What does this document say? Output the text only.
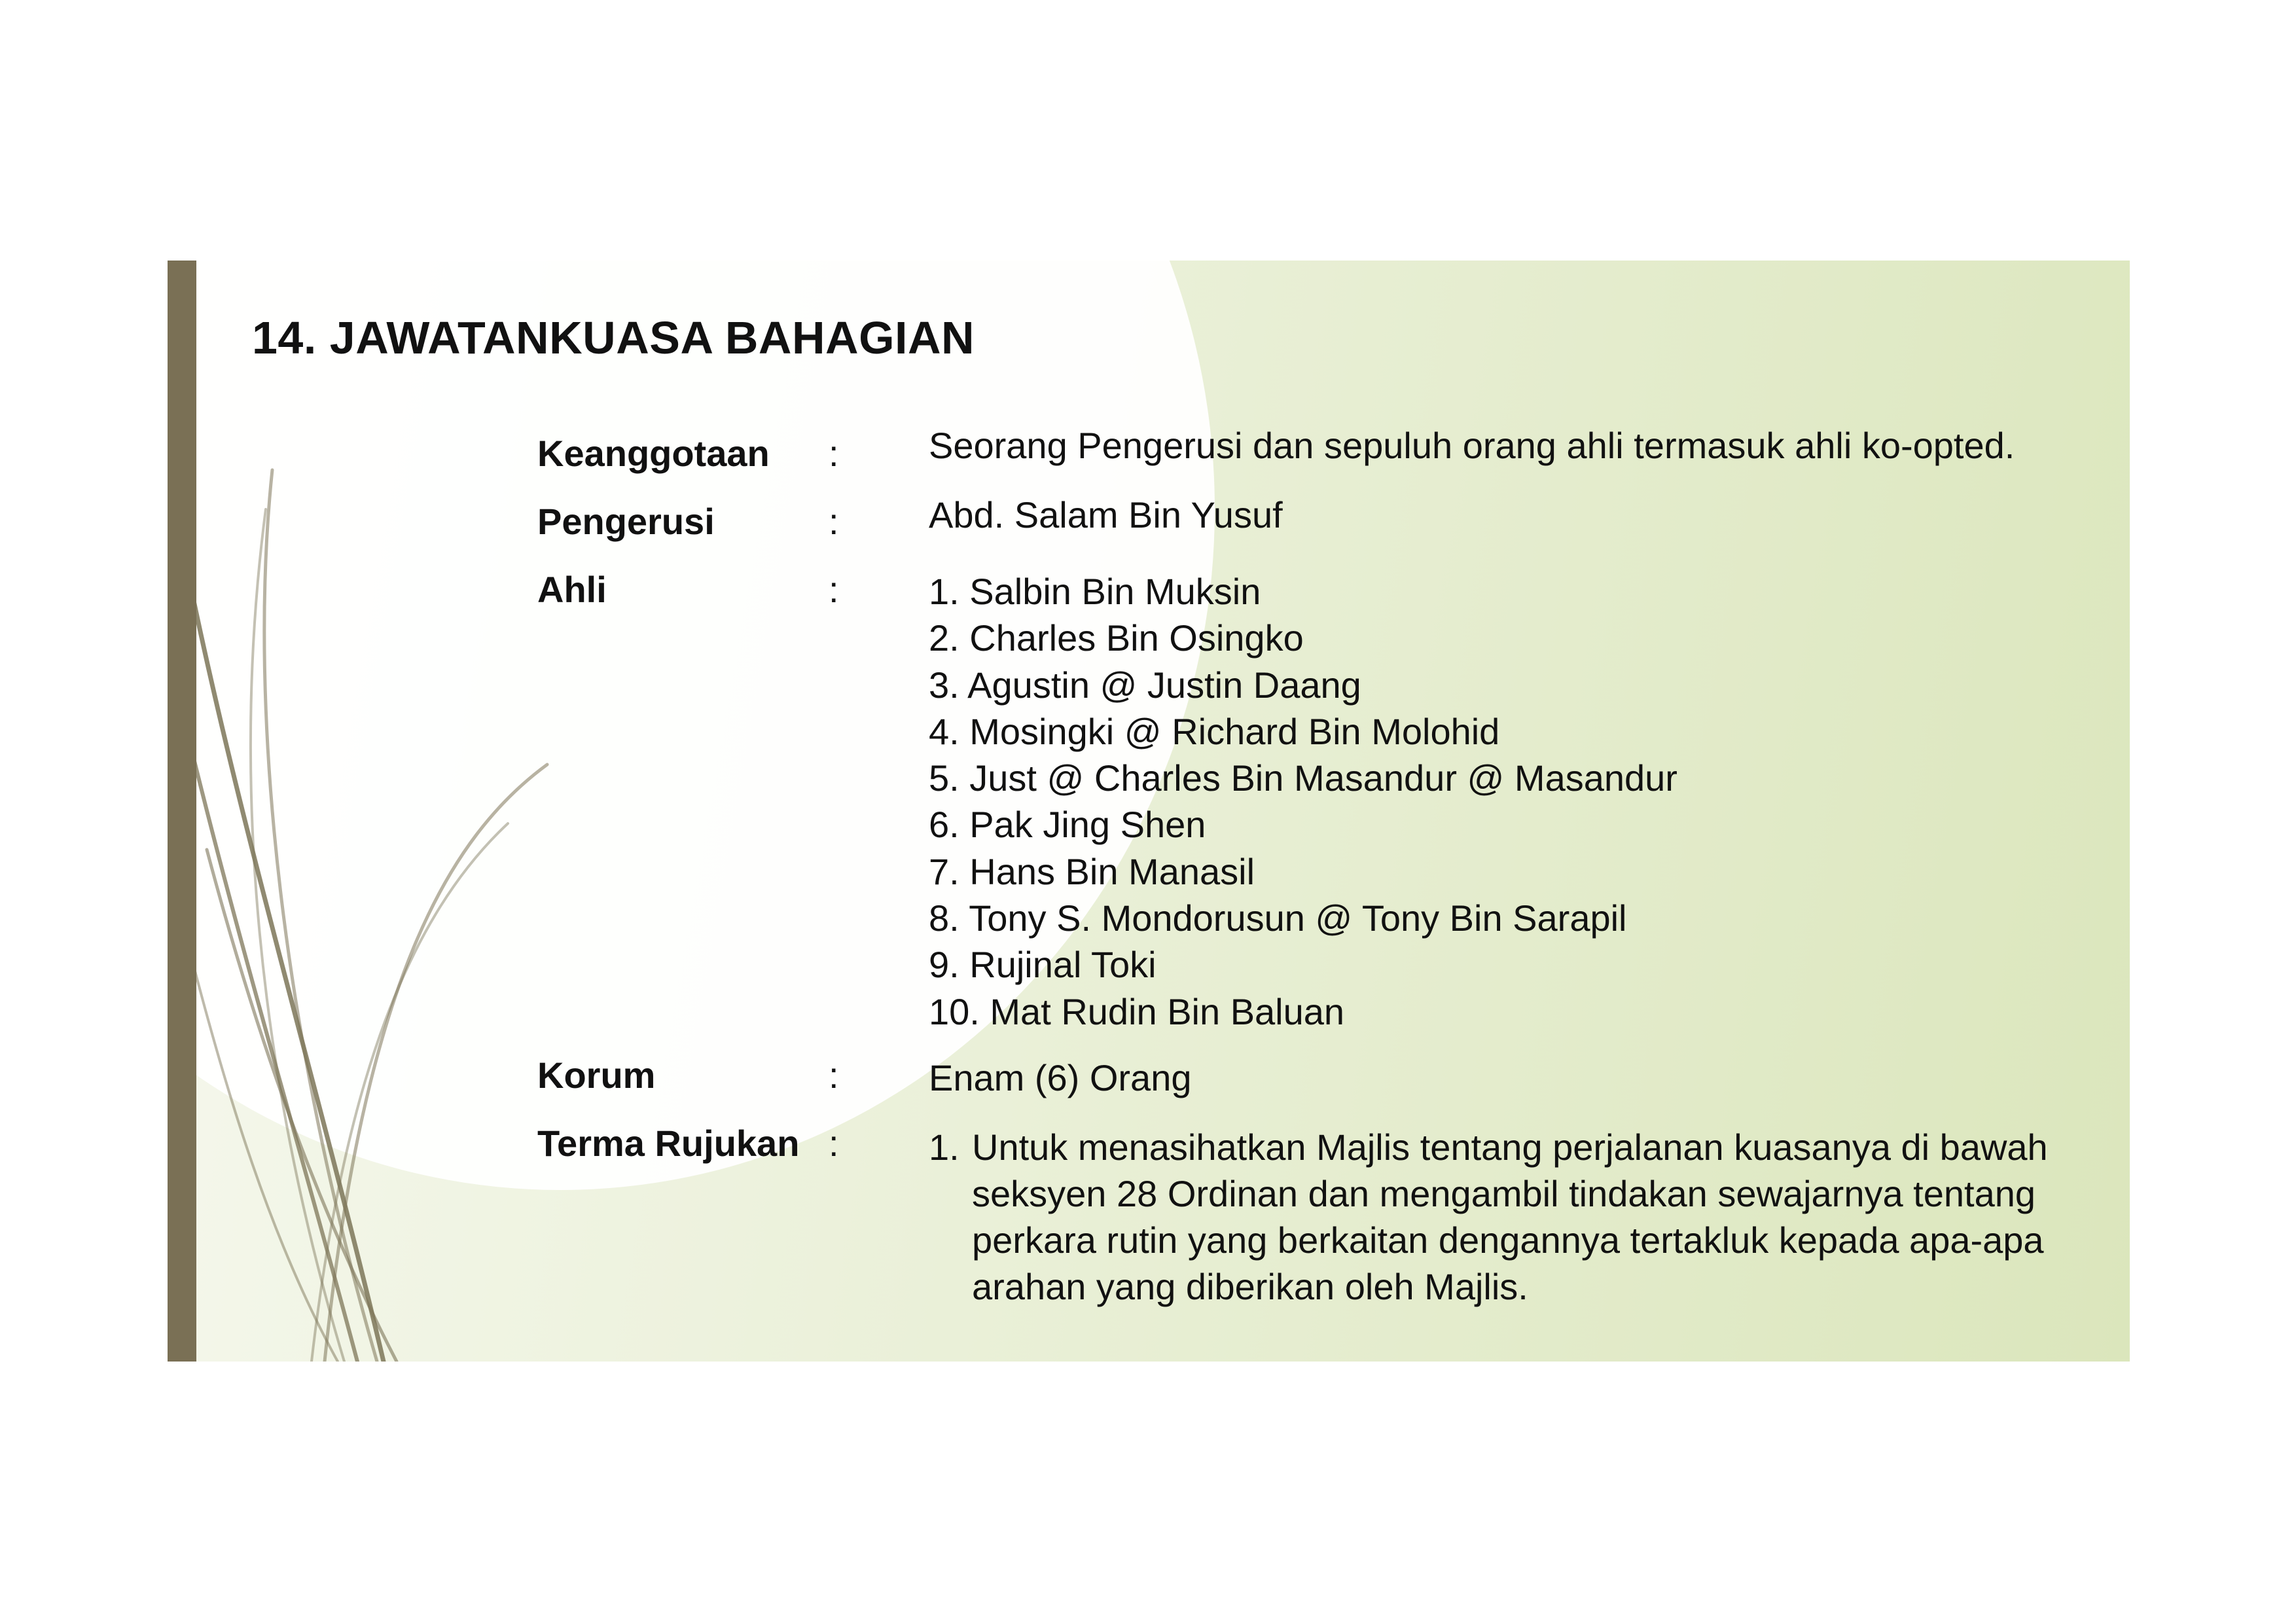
14. JAWATANKUASA BAHAGIAN
Keanggotaan : Seorang Pengerusi dan sepuluh orang ahli termasuk ahli ko-opted.
Pengerusi	: Abd. Salam Bin Yusuf
Ahli	: 1. Salbin Bin Muksin
2. Charles Bin Osingko
3. Agustin @ Justin Daang
4. Mosingki @ Richard Bin Molohid
5. Just @ Charles Bin Masandur @ Masandur
6. Pak Jing Shen
7. Hans Bin Manasil
8. Tony S. Mondorusun @ Tony Bin Sarapil
9. Rujinal Toki
10. Mat Rudin Bin Baluan
Korum	: Enam (6) Orang
Terma Rujukan : 1. Untuk menasihatkan Majlis tentang perjalanan kuasanya di bawah seksyen 28 Ordinan dan mengambil tindakan sewajarnya tentang perkara rutin yang berkaitan dengannya tertakluk kepada apa-apa arahan yang diberikan oleh Majlis.
